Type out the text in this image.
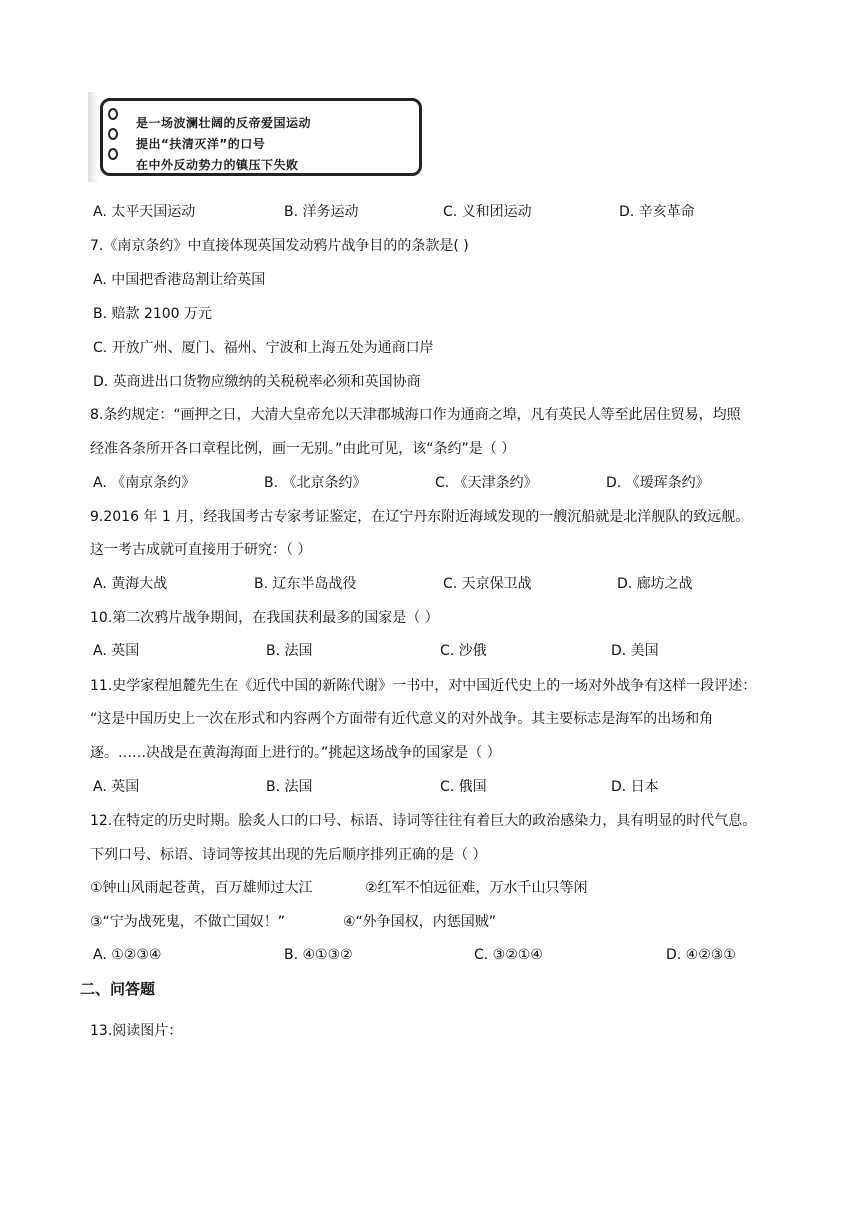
是一场波澜壮阔的反帝爱国运动
提出“扶清灭洋”的口号
在中外反动势力的镇压下失败
A. 太平天国运动	B. 洋务运动	C. 义和团运动	D. 辛亥革命
7.《南京条约》中直接体现英国发动鸦片战争目的的条款是( )
A. 中国把香港岛割让给英国
B. 赔款 2100 万元
C. 开放广州、厦门、福州、宁波和上海五处为通商口岸
D. 英商进出口货物应缴纳的关税税率必须和英国协商
8.条约规定：“画押之日，大清大皇帝允以天津郡城海口作为通商之埠，凡有英民人等至此居住贸易，均照
经准各条所开各口章程比例，画一无别。”由此可见，该“条约”是（ ）
A. 《南京条约》	B. 《北京条约》	C. 《天津条约》	D. 《瑷珲条约》
9.2016 年 1 月，经我国考古专家考证鉴定，在辽宁丹东附近海域发现的一艘沉船就是北洋舰队的致远舰。
这一考古成就可直接用于研究：（ ）
A. 黄海大战	B. 辽东半岛战役	C. 天京保卫战	D. 廊坊之战
10.第二次鸦片战争期间，在我国获利最多的国家是（ ）
A. 英国	B. 法国	C. 沙俄	D. 美国
11.史学家程旭麓先生在《近代中国的新陈代谢》一书中，对中国近代史上的一场对外战争有这样一段评述：
“这是中国历史上一次在形式和内容两个方面带有近代意义的对外战争。其主要标志是海军的出场和角
逐。……决战是在黄海海面上进行的。”挑起这场战争的国家是（ ）
A. 英国	B. 法国	C. 俄国	D. 日本
12.在特定的历史时期。脍炙人口的口号、标语、诗词等往往有着巨大的政治感染力，具有明显的时代气息。
下列口号、标语、诗词等按其出现的先后顺序排列正确的是（ ）
①钟山风雨起苍黄，百万雄师过大江	②红军不怕远征难，万水千山只等闲
③“宁为战死鬼，不做亡国奴！”	④“外争国权，内惩国贼”
A. ①②③④	B. ④①③②	C. ③②①④	D. ④②③①
二、问答题
13.阅读图片：
